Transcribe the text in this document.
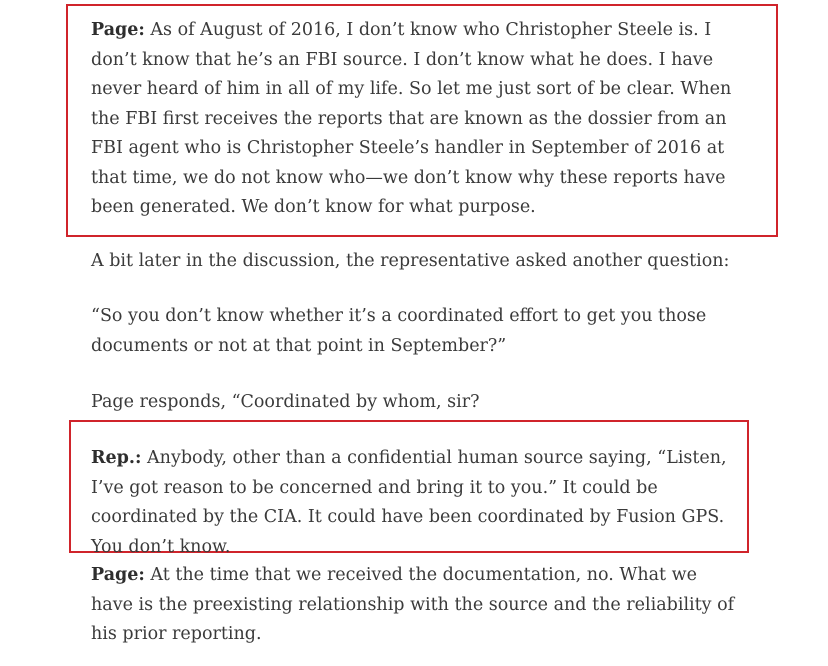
Page: As of August of 2016, I don’t know who Christopher Steele is. I don’t know that he’s an FBI source. I don’t know what he does. I have never heard of him in all of my life. So let me just sort of be clear. When the FBI first receives the reports that are known as the dossier from an FBI agent who is Christopher Steele’s handler in September of 2016 at that time, we do not know who—we don’t know why these reports have been generated. We don’t know for what purpose.

A bit later in the discussion, the representative asked another question:

“So you don’t know whether it’s a coordinated effort to get you those documents or not at that point in September?”

Page responds, “Coordinated by whom, sir?

Rep.: Anybody, other than a confidential human source saying, “Listen, I’ve got reason to be concerned and bring it to you.” It could be coordinated by the CIA. It could have been coordinated by Fusion GPS. You don’t know.

Page: At the time that we received the documentation, no. What we have is the preexisting relationship with the source and the reliability of his prior reporting.
